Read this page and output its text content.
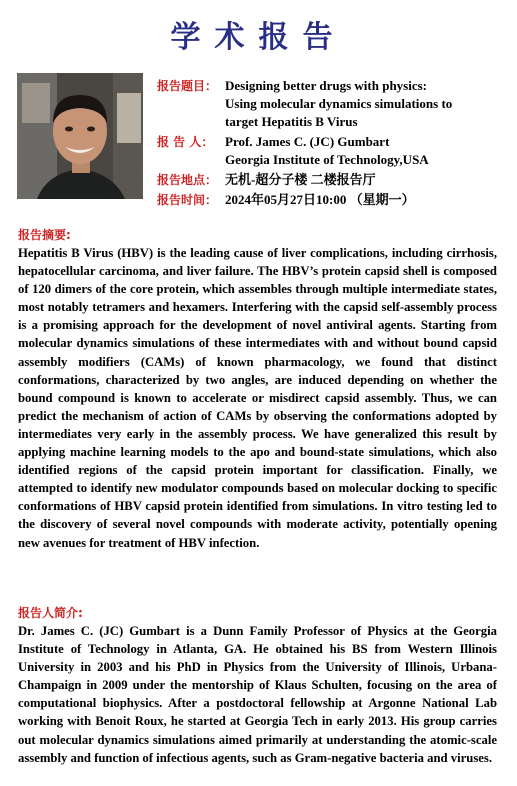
学术报告
报告题目： Designing better drugs with physics:
Using molecular dynamics simulations to
target Hepatitis B Virus
报 告 人： Prof. James C. (JC) Gumbart
Georgia Institute of Technology,USA
报告地点： 无机-超分子楼 二楼报告厅
报告时间： 2024年05月27日10:00 （星期一）
报告摘要:
Hepatitis B Virus (HBV) is the leading cause of liver complications, including cirrhosis, hepatocellular carcinoma, and liver failure. The HBV’s protein capsid shell is composed of 120 dimers of the core protein, which assembles through multiple intermediate states, most notably tetramers and hexamers. Interfering with the capsid self-assembly process is a promising approach for the development of novel antiviral agents. Starting from molecular dynamics simulations of these intermediates with and without bound capsid assembly modifiers (CAMs) of known pharmacology, we found that distinct conformations, characterized by two angles, are induced depending on whether the bound compound is known to accelerate or misdirect capsid assembly. Thus, we can predict the mechanism of action of CAMs by observing the conformations adopted by intermediates very early in the assembly process. We have generalized this result by applying machine learning models to the apo and bound-state simulations, which also identified regions of the capsid protein important for classification. Finally, we attempted to identify new modulator compounds based on molecular docking to specific conformations of HBV capsid protein identified from simulations. In vitro testing led to the discovery of several novel compounds with moderate activity, potentially opening new avenues for treatment of HBV infection.
报告人简介:
Dr. James C. (JC) Gumbart is a Dunn Family Professor of Physics at the Georgia Institute of Technology in Atlanta, GA. He obtained his BS from Western Illinois University in 2003 and his PhD in Physics from the University of Illinois, Urbana-Champaign in 2009 under the mentorship of Klaus Schulten, focusing on the area of computational biophysics. After a postdoctoral fellowship at Argonne National Lab working with Benoit Roux, he started at Georgia Tech in early 2013. His group carries out molecular dynamics simulations aimed primarily at understanding the atomic-scale assembly and function of infectious agents, such as Gram-negative bacteria and viruses.
